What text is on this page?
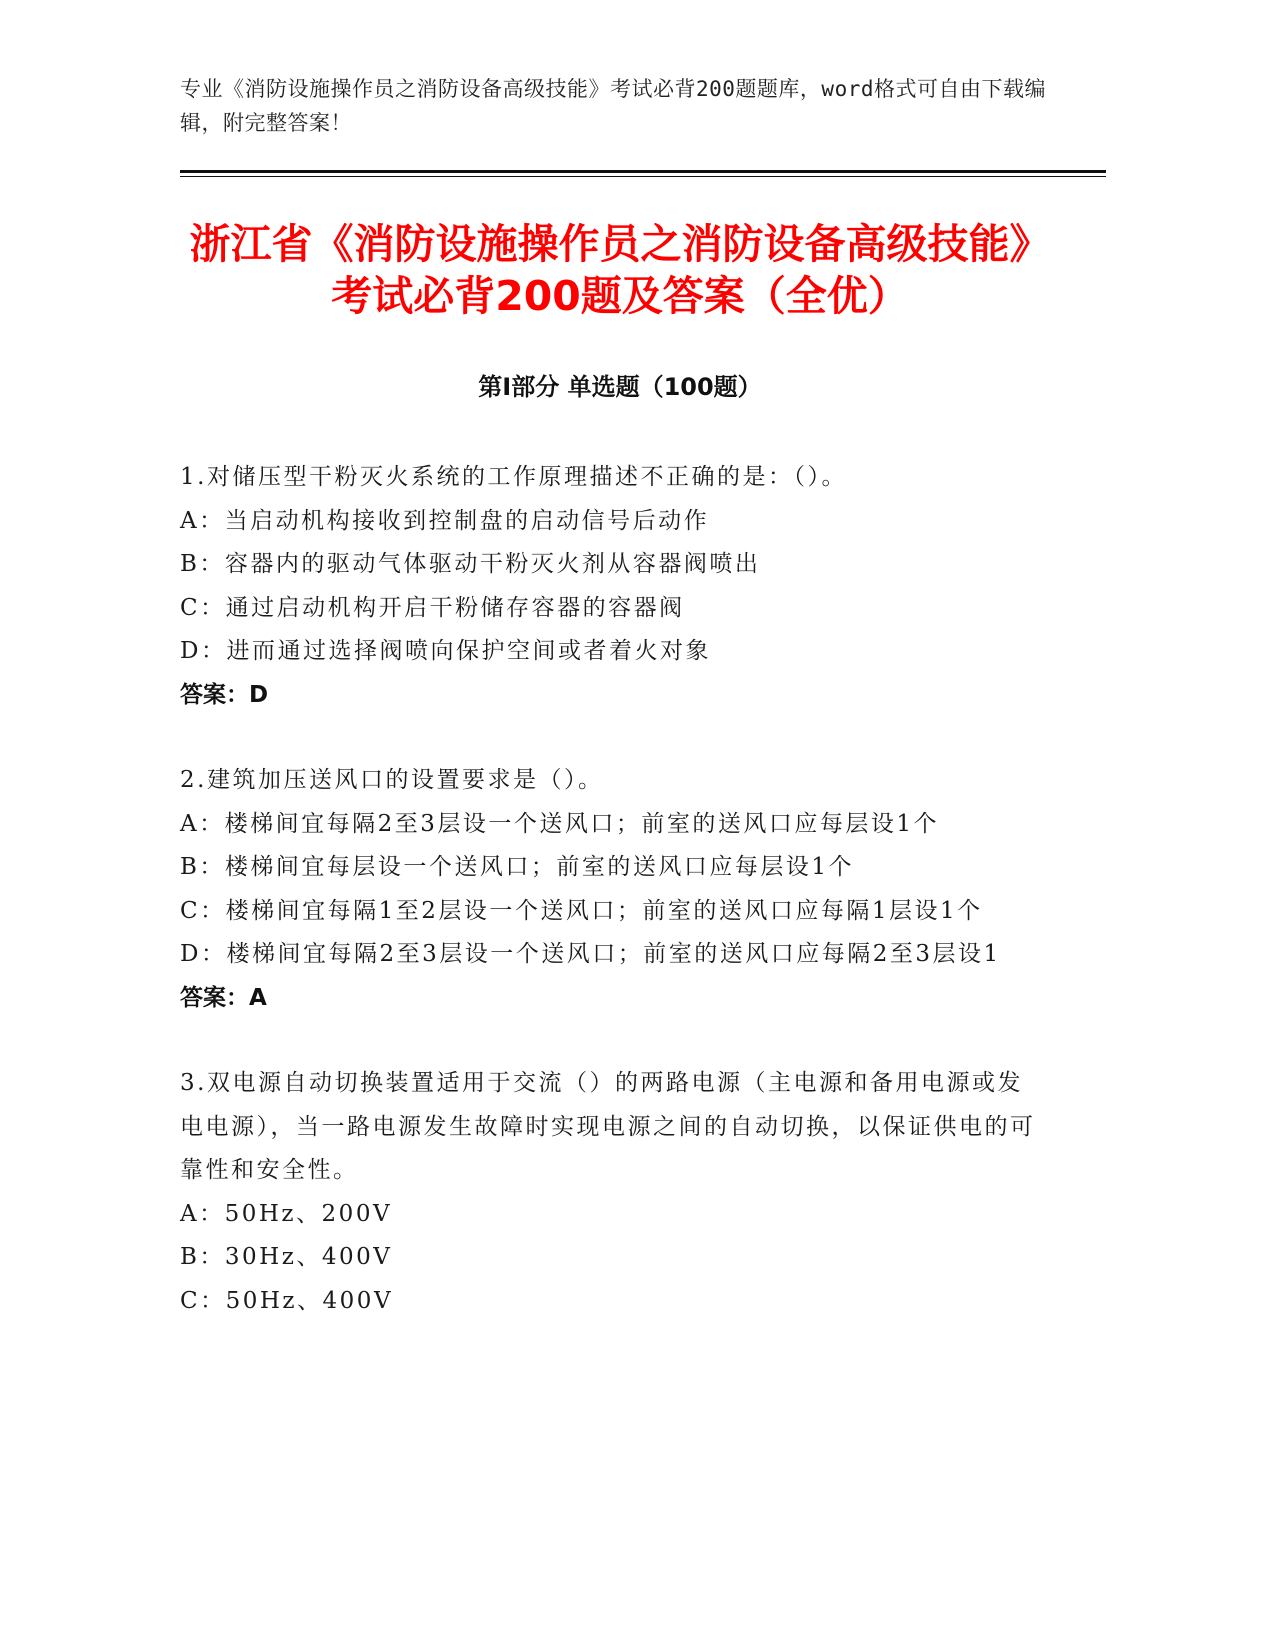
专业《消防设施操作员之消防设备高级技能》考试必背200题题库，word格式可自由下载编辑，附完整答案！
浙江省《消防设施操作员之消防设备高级技能》考试必背200题及答案（全优）
第I部分 单选题（100题）

1.对储压型干粉灭火系统的工作原理描述不正确的是：（）。

A：当启动机构接收到控制盘的启动信号后动作

B：容器内的驱动气体驱动干粉灭火剂从容器阀喷出

C：通过启动机构开启干粉储存容器的容器阀

D：进而通过选择阀喷向保护空间或者着火对象

答案：D

2.建筑加压送风口的设置要求是（）。

A：楼梯间宜每隔2至3层设一个送风口；前室的送风口应每层设1个

B：楼梯间宜每层设一个送风口；前室的送风口应每层设1个

C：楼梯间宜每隔1至2层设一个送风口；前室的送风口应每隔1层设1个

D：楼梯间宜每隔2至3层设一个送风口；前室的送风口应每隔2至3层设1

答案：A

3.双电源自动切换装置适用于交流（）的两路电源（主电源和备用电源或发电电源），当一路电源发生故障时实现电源之间的自动切换，以保证供电的可靠性和安全性。

A：50Hz、200V

B：30Hz、400V

C：50Hz、400V
